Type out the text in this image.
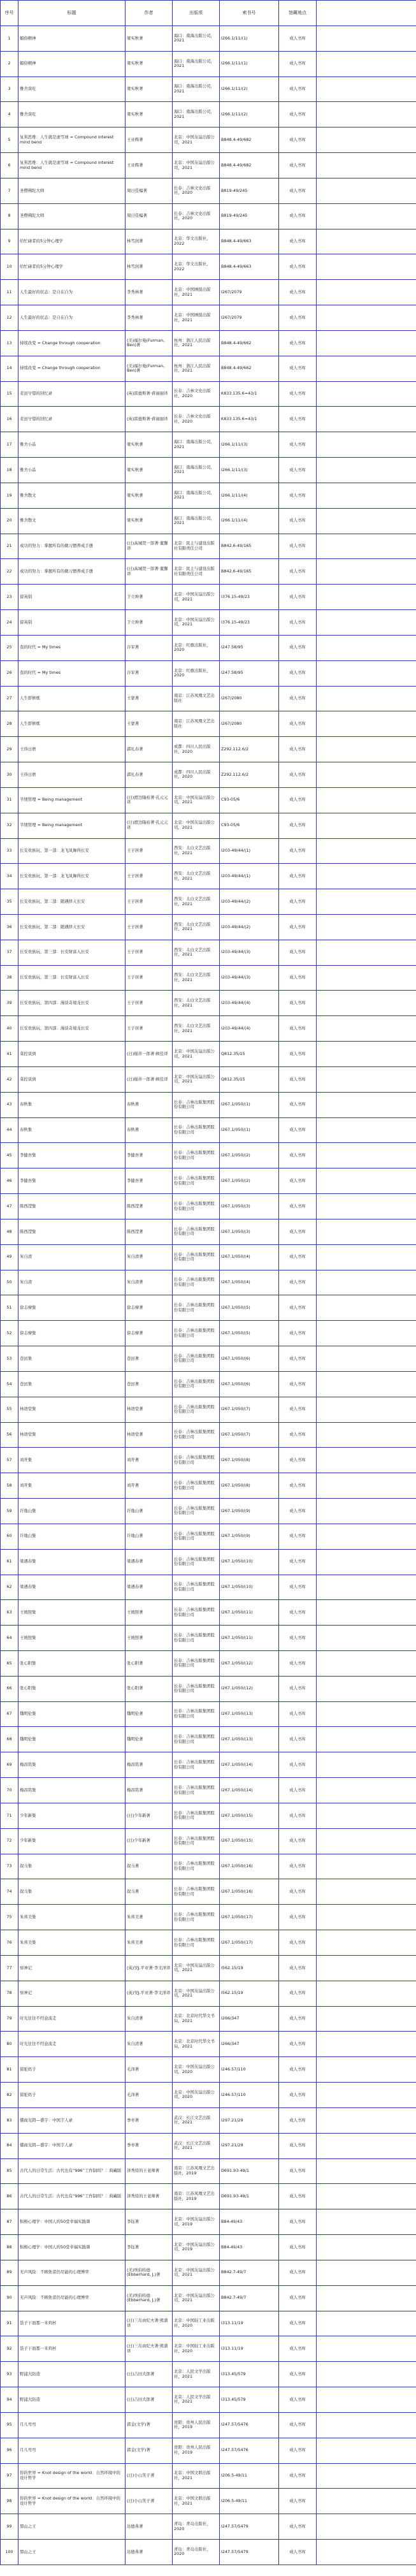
序号	标题	作者	出版项	索书号	馆藏地点	
1	媚俗精神	梁实秋著	海口：南海出版公司，2021	I266.1/11/(1)	成人书库	
2	媚俗精神	梁实秋著	海口：南海出版公司，2021	I266.1/11/(1)	成人书库	
3	雅舍谈吃	梁实秋著	海口：南海出版公司，2021	I266.1/11/(2)	成人书库	
4	雅舍谈吃	梁实秋著	海口：南海出版公司，2021	I266.1/11/(2)	成人书库	
5	复利思维：人生就是滚雪球 = Compound interest mind bend	王亚辉著	北京：中国友谊出版公司，2021	B848.4-49/682	成人书库	
6	复利思维：人生就是滚雪球 = Compound interest mind bend	王亚辉著	北京：中国友谊出版公司，2021	B848.4-49/682	成人书库	
7	圣僧佛陀大师	周日佳编著	长春：吉林文史出版社，2020	B819-49/245	成人书库	
8	圣僧佛陀大师	周日佳编著	长春：吉林文史出版社，2020	B819-49/245	成人书库	
9	给忙碌者的5分钟心理学	林雪润著	北京：华文出版社，2022	B848.4-49/663	成人书库	
10	给忙碌者的5分钟心理学	林雪润著	北京：华文出版社，2022	B848.4-49/663	成人书库	
11	人生最好的状态：是自在自为	李秀林著	北京：中国画报出版社，2021	I267/2079	成人书库	
12	人生最好的状态：是自在自为	李秀林著	北京：中国画报出版社，2021	I267/2079	成人书库	
13	持续改变 = Change through cooperation	(美)福尔曼(Furman, Ben)著	杭州：浙江人民出版社，2021	B848.4-49/662	成人书库	
14	持续改变 = Change through cooperation	(美)福尔曼(Furman, Ben)著	杭州：浙江人民出版社，2021	B848.4-49/662	成人书库	
15	麦田守望的回忆录	(英)雷德斯著·蒋丽丽译	长春：吉林文史出版社，2020	K833.135.6=43/1	成人书库	
16	麦田守望的回忆录	(英)雷德斯著·蒋丽丽译	长春：吉林文史出版社，2020	K833.135.6=43/1	成人书库	
17	雅舍小品	梁实秋著	海口：南海出版公司，2021	I266.1/11/(3)	成人书库	
18	雅舍小品	梁实秋著	海口：南海出版公司，2021	I266.1/11/(3)	成人书库	
19	雅舍散文	梁实秋著	海口：南海出版公司，2021	I266.1/11/(4)	成人书库	
20	雅舍散文	梁实秋著	海口：南海出版公司，2021	I266.1/11/(4)	成人书库	
21	成功的努力：掌握所有的微习惯养成手册	(日)高城贺一郎著·董馨译	北京：民主与建设出版社有限责任公司	B842.6-49/165	成人书库	
22	成功的努力：掌握所有的微习惯养成手册	(日)高城贺一郎著·董馨译	北京：民主与建设出版社有限责任公司	B842.6-49/165	成人书库	
23	留英别	于立坤著	北京：中国友谊出版公司，2021	I376.15-49/23	成人书库	
24	留英别	于立坤著	北京：中国友谊出版公司，2021	I376.15-49/23	成人书库	
25	我的时代 = My times	谷军著	北京：红旗出版社，2020	I247.58/95	成人书库	
26	我的时代 = My times	谷军著	北京：红旗出版社，2020	I247.58/95	成人书库	
27	人生即修炼	王蒙著	南京：江苏凤凰文艺出版社	I267/2080	成人书库	
28	人生即修炼	王蒙著	南京：江苏凤凰文艺出版社	I267/2080	成人书库	
29	王得日磨	郭礼春著	成都：四川人民出版社，2020	Z292.112.6/2	成人书库	
30	王得日磨	郭礼春著	成都：四川人民出版社，2020	Z292.112.6/2	成人书库	
31	半情管理 = Being management	(日)渡边隆裕著·孔元元译	北京：中国友谊出版公司，2021	C93-05/6	成人书库	
32	半情管理 = Being management	(日)渡边隆裕著·孔元元译	北京：中国友谊出版公司，2021	C93-05/6	成人书库	
33	长安贵族玩，第一部：龙飞凤舞得长安	王子居著	西安：太白文艺出版社，2021	I203-49/44/(1)	成人书库	
34	长安贵族玩，第一部：龙飞凤舞得长安	王子居著	西安：太白文艺出版社，2021	I203-49/44/(1)	成人书库	
35	长安贵族玩，第二部：随遇择天长安	王子居著	西安：太白文艺出版社，2021	I203-49/44/(2)	成人书库	
36	长安贵族玩，第二部：随遇择天长安	王子居著	西安：太白文艺出版社，2021	I203-49/44/(2)	成人书库	
37	长安贵族玩，第三部：长安财富入长安	王子居著	西安：太白文艺出版社，2021	I203-49/44/(3)	成人书库	
38	长安贵族玩，第三部：长安财富入长安	王子居著	西安：太白文艺出版社，2021	I203-49/44/(3)	成人书库	
39	长安贵族玩，第四部：漫谈奇境龙长安	王子居著	西安：太白文艺出版社，2021	I203-49/44/(4)	成人书库	
40	长安贵族玩，第四部：漫谈奇境龙长安	王子居著	西安：太白文艺出版社，2021	I203-49/44/(4)	成人书库	
41	菜控谈到	(日)稲井一郎著·顾佳译	北京：中国友谊出版公司，2021	Q812.35/15	成人书库	
42	菜控谈到	(日)稲井一郎著·顾佳译	北京：中国友谊出版公司，2021	Q812.35/15	成人书库	
43	春秋集	春秋著	长春：吉林出版集团股份有限公司	I267.1/050/(1)	成人书库	
44	春秋集	春秋著	长春：吉林出版集团股份有限公司	I267.1/050/(1)	成人书库	
45	李健吾集	李健吾著	长春：吉林出版集团股份有限公司	I267.1/050/(2)	成人书库	
46	李健吾集	李健吾著	长春：吉林出版集团股份有限公司	I267.1/050/(2)	成人书库	
47	陈西滢集	陈西滢著	长春：吉林出版集团股份有限公司	I267.1/050/(3)	成人书库	
48	陈西滢集	陈西滢著	长春：吉林出版集团股份有限公司	I267.1/050/(3)	成人书库	
49	朱自清	朱自清著	长春：吉林出版集团股份有限公司	I267.1/050/(4)	成人书库	
50	朱自清	朱自清著	长春：吉林出版集团股份有限公司	I267.1/050/(4)	成人书库	
51	徐志摩集	徐志摩著	长春：吉林出版集团股份有限公司	I267.1/050/(5)	成人书库	
52	徐志摩集	徐志摩著	长春：吉林出版集团股份有限公司	I267.1/050/(5)	成人书库	
53	苍田集	苍田著	长春：吉林出版集团股份有限公司	I267.1/050/(6)	成人书库	
54	苍田集	苍田著	长春：吉林出版集团股份有限公司	I267.1/050/(6)	成人书库	
55	林语堂集	林语堂著	长春：吉林出版集团股份有限公司	I267.1/050/(7)	成人书库	
56	林语堂集	林语堂著	长春：吉林出版集团股份有限公司	I267.1/050/(7)	成人书库	
57	刘开集	刘开著	长春：吉林出版集团股份有限公司	I267.1/050/(8)	成人书库	
58	刘开集	刘开著	长春：吉林出版集团股份有限公司	I267.1/050/(8)	成人书库	
59	许地山集	许地山著	长春：吉林出版集团股份有限公司	I267.1/050/(9)	成人书库	
60	许地山集	许地山著	长春：吉林出版集团股份有限公司	I267.1/050/(9)	成人书库	
61	梁遇春集	梁遇春著	长春：吉林出版集团股份有限公司	I267.1/050/(10)	成人书库	
62	梁遇春集	梁遇春著	长春：吉林出版集团股份有限公司	I267.1/050/(10)	成人书库	
63	王统照集	王统照著	长春：吉林出版集团股份有限公司	I267.1/050/(11)	成人书库	
64	王统照集	王统照著	长春：吉林出版集团股份有限公司	I267.1/050/(11)	成人书库	
65	张心阳集	张心阳著	长春：吉林出版集团股份有限公司	I267.1/050/(12)	成人书库	
66	张心阳集	张心阳著	长春：吉林出版集团股份有限公司	I267.1/050/(12)	成人书库	
67	魏明伦集	魏明伦著	长春：吉林出版集团股份有限公司	I267.1/050/(13)	成人书库	
68	魏明伦集	魏明伦著	长春：吉林出版集团股份有限公司	I267.1/050/(13)	成人书库	
69	梅昌铭集	梅昌铭著	长春：吉林出版集团股份有限公司	I267.1/050/(14)	成人书库	
70	梅昌铭集	梅昌铭著	长春：吉林出版集团股份有限公司	I267.1/050/(14)	成人书库	
71	少年新集	(日)少年新著	长春：吉林出版集团股份有限公司	I267.1/050/(15)	成人书库	
72	少年新集	(日)少年新著	长春：吉林出版集团股份有限公司	I267.1/050/(15)	成人书库	
73	叙马集	叙马著	长春：吉林出版集团股份有限公司	I267.1/050/(16)	成人书库	
74	叙马集	叙马著	长春：吉林出版集团股份有限公司	I267.1/050/(16)	成人书库	
75	朱喜美集	朱喜美著	长春：吉林出版集团股份有限公司	I267.1/050/(17)	成人书库	
76	朱喜美集	朱喜美著	长春：吉林出版集团股份有限公司	I267.1/050/(17)	成人书库	
77	察神记	(英)吴J.平亚著·李文泽译	北京：中国友谊出版公司，2021	I562.15/19	成人书库	
78	察神记	(英)吴J.平亚著·李文泽译	北京：中国友谊出版公司，2021	I562.15/19	成人书库	
79	时光往往不经意流走	朱自清著	北京：北京时代华文书局，2021	I266/347	成人书库	
80	时光往往不经意流走	朱自清著	北京：北京时代华文书局，2021	I266/347	成人书库	
81	留驼妈子	毛泽著	北京：中国友谊出版公司，2020	I246.57/110	成人书库	
82	留驼妈子	毛泽著	北京：中国友谊出版公司，2020	I246.57/110	成人书库	
83	懂商光阴—盛宇：中国芋人录	季枣著	武汉：长江文艺出版社，2021	I297.21/29	成人书库	
84	懂商光阴—盛宇：中国芋人录	季枣著	武汉：长江文艺出版社，2021	I297.21/29	成人书库	
85	古代人的日常生活：古代也有“996”工作制吗？：典藏版	泽秀原的王老师著	南京：江苏凤凰文艺出版社，2019	D691.93-49/1	成人书库	
86	古代人的日常生活：古代也有“996”工作制吗？：典藏版	泽秀原的王老师著	南京：江苏凤凰文艺出版社，2019	D691.93-49/1	成人书库	
87	积极心理学：中国人的50堂幸福实践课	李钰著	北京：中国友谊出版公司，2019	B84-49/43	成人书库	
88	积极心理学：中国人的50堂幸福实践课	李钰著	北京：中国友谊出版公司，2019	B84-49/43	成人书库	
89	无声风险：不顾他者仍尽能的心理博弈	(美)埃伯哈德(Ebberhard, J.)著	北京：中国友谊出版公司，2021	B842.7-49/7	成人书库	
90	无声风险：不顾他者仍尽能的心理博弈	(美)埃伯哈德(Ebberhard, J.)著	北京：中国友谊出版公司，2021	B842.7-49/7	成人书库	
91	袋子下面那一米鸡杯	(日)三岛由纪夫著·熊蒲译	北京：中国轻工业出版社，2020	I313.11/19	成人书库	
92	袋子下面那一米鸡杯	(日)三岛由纪夫著·熊蒲译	北京：中国轻工业出版社，2020	I313.11/19	成人书库	
93	野浦大防造	(日)吉田大郎著	北京：人民文学出版社，2021	I313.45/579	成人书库	
94	野浦大防造	(日)吉田大郎著	北京：人民文学出版社，2021	I313.45/579	成人书库	
95	月儿弯弯	郭金(文学)著	贵阳：贵州人民出版社，2019	I247.57/5476	成人书库	
96	月儿弯弯	郭金(文学)著	贵阳：贵州人民出版社，2019	I247.57/5476	成人书库	
97	你的世界 = Knot design of the world：自然环境中的设计哲学	(日)小山笑子著	北京：中国文联出版社，2021	I206.5-49/11	成人书库	
98	你的世界 = Knot design of the world：自然环境中的设计哲学	(日)小山笑子著	北京：中国文联出版社，2021	I206.5-49/11	成人书库	
99	那山之王	达德弗著	青岛：青岛出版社，2020	I247.57/5479	成人书库	
100	那山之王	达德弗著	青岛：青岛出版社，2020	I247.57/5479	成人书库	
